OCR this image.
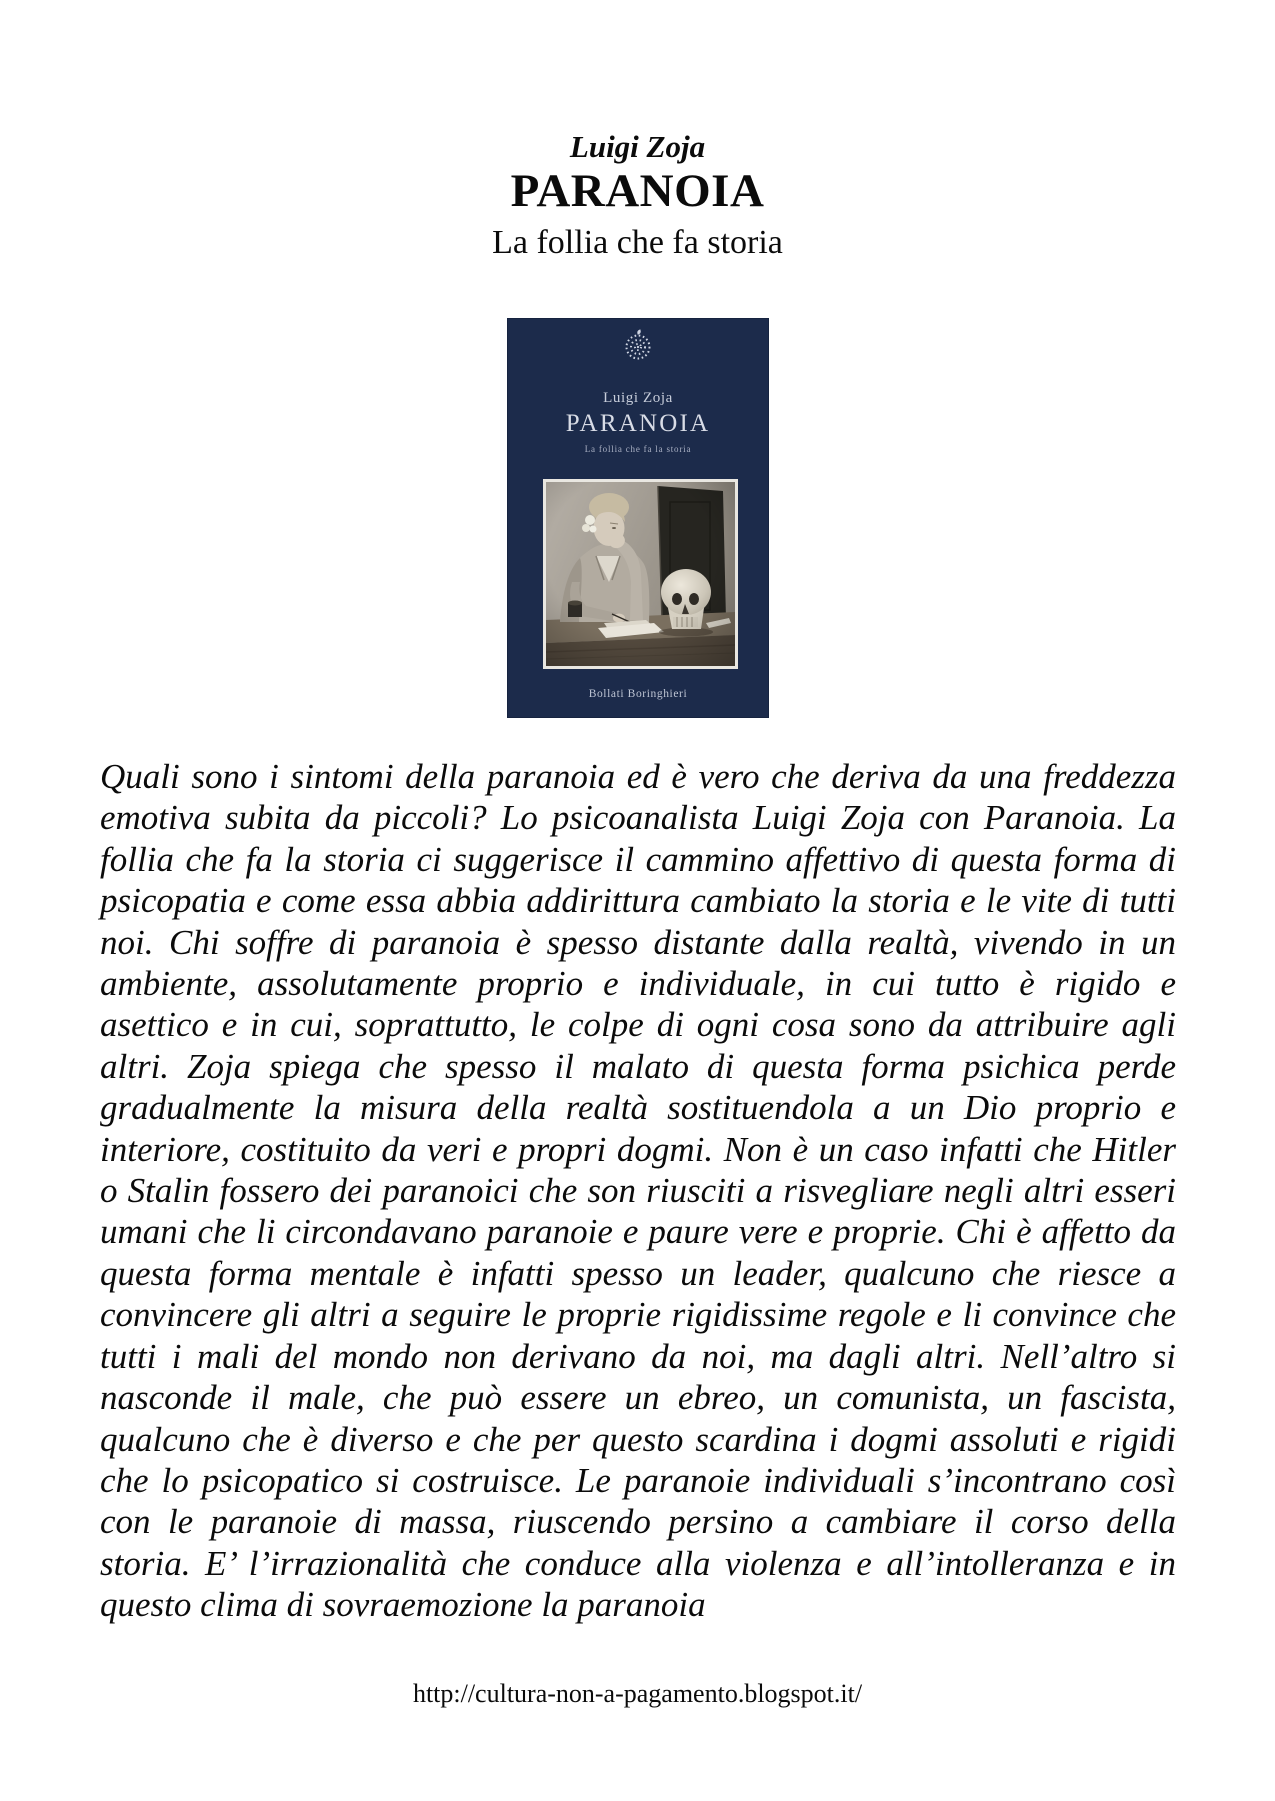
Luigi Zoja
PARANOIA
La follia che fa storia
Luigi Zoja
PARANOIA
La follia che fa la storia
Bollati Boringhieri
Quali sono i sintomi della paranoia ed è vero che deriva da una freddezza emotiva subita da piccoli? Lo psicoanalista Luigi Zoja con Paranoia. La follia che fa la storia ci suggerisce il cammino affettivo di questa forma di psicopatia e come essa abbia addirittura cambiato la storia e le vite di tutti noi. Chi soffre di paranoia è spesso distante dalla realtà, vivendo in un ambiente, assolutamente proprio e individuale, in cui tutto è rigido e asettico e in cui, soprattutto, le colpe di ogni cosa sono da attribuire agli altri. Zoja spiega che spesso il malato di questa forma psichica perde gradualmente la misura della realtà sostituendola a un Dio proprio e interiore, costituito da veri e propri dogmi. Non è un caso infatti che Hitler o Stalin fossero dei paranoici che son riusciti a risvegliare negli altri esseri umani che li circondavano paranoie e paure vere e proprie. Chi è affetto da questa forma mentale è infatti spesso un leader, qualcuno che riesce a convincere gli altri a seguire le proprie rigidissime regole e li convince che tutti i mali del mondo non derivano da noi, ma dagli altri. Nell’altro si nasconde il male, che può essere un ebreo, un comunista, un fascista, qualcuno che è diverso e che per questo scardina i dogmi assoluti e rigidi che lo psicopatico si costruisce. Le paranoie individuali s’incontrano così con le paranoie di massa, riuscendo persino a cambiare il corso della storia. E’ l’irrazionalità che conduce alla violenza e all’intolleranza e in questo clima di sovraemozione la paranoia
http://cultura-non-a-pagamento.blogspot.it/
